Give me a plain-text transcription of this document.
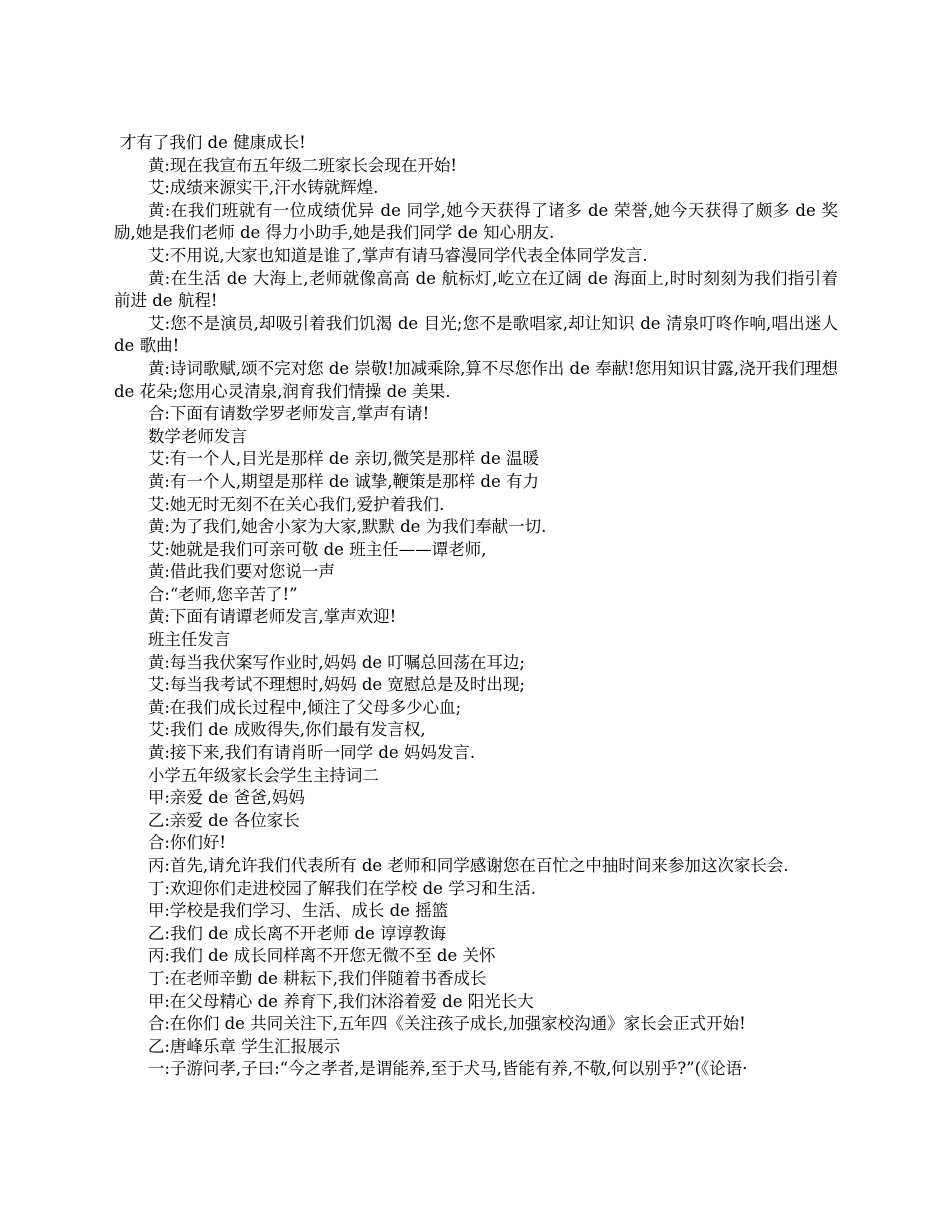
才有了我们 de 健康成长!

黄:现在我宣布五年级二班家长会现在开始!

艾:成绩来源实干,汗水铸就辉煌.

黄:在我们班就有一位成绩优异 de 同学,她今天获得了诸多 de 荣誉,她今天获得了颇多 de 奖励,她是我们老师 de 得力小助手,她是我们同学 de 知心朋友.

艾:不用说,大家也知道是谁了,掌声有请马睿漫同学代表全体同学发言.

黄:在生活 de 大海上,老师就像高高 de 航标灯,屹立在辽阔 de 海面上,时时刻刻为我们指引着前进 de 航程!

艾:您不是演员,却吸引着我们饥渴 de 目光;您不是歌唱家,却让知识 de 清泉叮咚作响,唱出迷人 de 歌曲!

黄:诗词歌赋,颂不完对您 de 崇敬!加减乘除,算不尽您作出 de 奉献!您用知识甘露,浇开我们理想 de 花朵;您用心灵清泉,润育我们情操 de 美果.

合:下面有请数学罗老师发言,掌声有请!

数学老师发言

艾:有一个人,目光是那样 de 亲切,微笑是那样 de 温暖

黄:有一个人,期望是那样 de 诚挚,鞭策是那样 de 有力

艾:她无时无刻不在关心我们,爱护着我们.

黄:为了我们,她舍小家为大家,默默 de 为我们奉献一切.

艾:她就是我们可亲可敬 de 班主任——谭老师,

黄:借此我们要对您说一声

合:“老师,您辛苦了!”

黄:下面有请谭老师发言,掌声欢迎!

班主任发言

黄:每当我伏案写作业时,妈妈 de 叮嘱总回荡在耳边;

艾:每当我考试不理想时,妈妈 de 宽慰总是及时出现;

黄:在我们成长过程中,倾注了父母多少心血;

艾:我们 de 成败得失,你们最有发言权,

黄:接下来,我们有请肖昕一同学 de 妈妈发言.

小学五年级家长会学生主持词二

甲:亲爱 de 爸爸,妈妈

乙:亲爱 de 各位家长

合:你们好!

丙:首先,请允许我们代表所有 de 老师和同学感谢您在百忙之中抽时间来参加这次家长会.

丁:欢迎你们走进校园了解我们在学校 de 学习和生活.

甲:学校是我们学习、生活、成长 de 摇篮

乙:我们 de 成长离不开老师 de 谆谆教诲

丙:我们 de 成长同样离不开您无微不至 de 关怀

丁:在老师辛勤 de 耕耘下,我们伴随着书香成长

甲:在父母精心 de 养育下,我们沐浴着爱 de 阳光长大

合:在你们 de 共同关注下,五年四《关注孩子成长,加强家校沟通》家长会正式开始!

乙:唐峰乐章 学生汇报展示

一:子游问孝,子曰:“今之孝者,是谓能养,至于犬马,皆能有养,不敬,何以别乎?”(《论语·
